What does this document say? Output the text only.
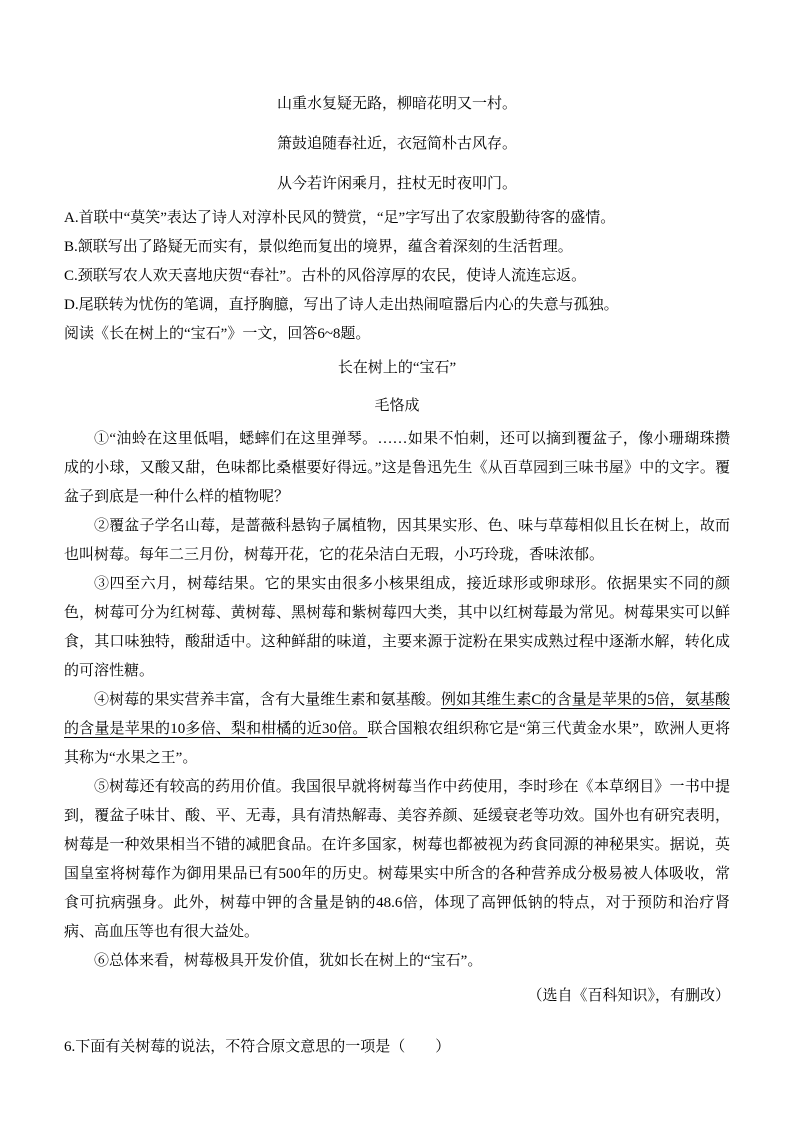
山重水复疑无路，柳暗花明又一村。

箫鼓追随春社近，衣冠简朴古风存。

从今若许闲乘月，拄杖无时夜叩门。

A.首联中“莫笑”表达了诗人对淳朴民风的赞赏，“足”字写出了农家殷勤待客的盛情。

B.颔联写出了路疑无而实有，景似绝而复出的境界，蕴含着深刻的生活哲理。

C.颈联写农人欢天喜地庆贺“春社”。古朴的风俗淳厚的农民，使诗人流连忘返。

D.尾联转为忧伤的笔调，直抒胸臆，写出了诗人走出热闹喧嚣后内心的失意与孤独。

阅读《长在树上的“宝石”》一文，回答6~8题。

长在树上的“宝石”

毛恪成

①“油蛉在这里低唱，蟋蟀们在这里弹琴。……如果不怕刺，还可以摘到覆盆子，像小珊瑚珠攒成的小球，又酸又甜，色味都比桑椹要好得远。”这是鲁迅先生《从百草园到三味书屋》中的文字。覆盆子到底是一种什么样的植物呢？

②覆盆子学名山莓，是蔷薇科悬钩子属植物，因其果实形、色、味与草莓相似且长在树上，故而也叫树莓。每年二三月份，树莓开花，它的花朵洁白无瑕，小巧玲珑，香味浓郁。

③四至六月，树莓结果。它的果实由很多小核果组成，接近球形或卵球形。依据果实不同的颜色，树莓可分为红树莓、黄树莓、黑树莓和紫树莓四大类，其中以红树莓最为常见。树莓果实可以鲜食，其口味独特，酸甜适中。这种鲜甜的味道，主要来源于淀粉在果实成熟过程中逐渐水解，转化成的可溶性糖。

④树莓的果实营养丰富，含有大量维生素和氨基酸。例如其维生素C的含量是苹果的5倍，氨基酸的含量是苹果的10多倍、梨和柑橘的近30倍。联合国粮农组织称它是“第三代黄金水果”，欧洲人更将其称为“水果之王”。

⑤树莓还有较高的药用价值。我国很早就将树莓当作中药使用，李时珍在《本草纲目》一书中提到，覆盆子味甘、酸、平、无毒，具有清热解毒、美容养颜、延缓衰老等功效。国外也有研究表明，树莓是一种效果相当不错的减肥食品。在许多国家，树莓也都被视为药食同源的神秘果实。据说，英国皇室将树莓作为御用果品已有500年的历史。树莓果实中所含的各种营养成分极易被人体吸收，常食可抗病强身。此外，树莓中钾的含量是钠的48.6倍，体现了高钾低钠的特点，对于预防和治疗肾病、高血压等也有很大益处。

⑥总体来看，树莓极具开发价值，犹如长在树上的“宝石”。

（选自《百科知识》，有删改）

6.下面有关树莓的说法，不符合原文意思的一项是（　　）
